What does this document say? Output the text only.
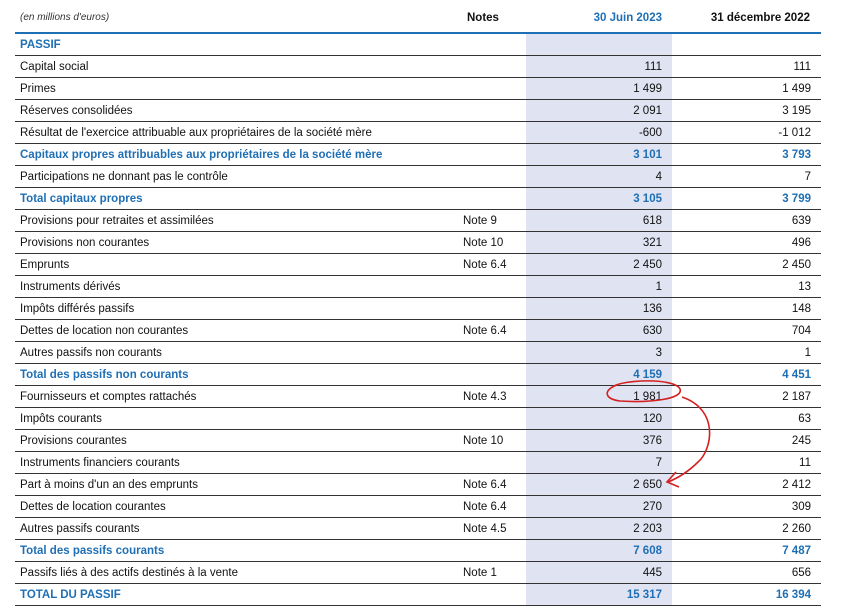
(en millions d'euros)	Notes	30 Juin 2023	31 décembre 2022
PASSIF			
Capital social		111	111
Primes		1 499	1 499
Réserves consolidées		2 091	3 195
Résultat de l'exercice attribuable aux propriétaires de la société mère		-600	-1 012
Capitaux propres attribuables aux propriétaires de la société mère		3 101	3 793
Participations ne donnant pas le contrôle		4	7
Total capitaux propres		3 105	3 799
Provisions pour retraites et assimilées	Note 9	618	639
Provisions non courantes	Note 10	321	496
Emprunts	Note 6.4	2 450	2 450
Instruments dérivés		1	13
Impôts différés passifs		136	148
Dettes de location non courantes	Note 6.4	630	704
Autres passifs non courants		3	1
Total des passifs non courants		4 159	4 451
Fournisseurs et comptes rattachés	Note 4.3	1 981	2 187
Impôts courants		120	63
Provisions courantes	Note 10	376	245
Instruments financiers courants		7	11
Part à moins d'un an des emprunts	Note 6.4	2 650	2 412
Dettes de location courantes	Note 6.4	270	309
Autres passifs courants	Note 4.5	2 203	2 260
Total des passifs courants		7 608	7 487
Passifs liés à des actifs destinés à la vente	Note 1	445	656
TOTAL DU PASSIF		15 317	16 394
